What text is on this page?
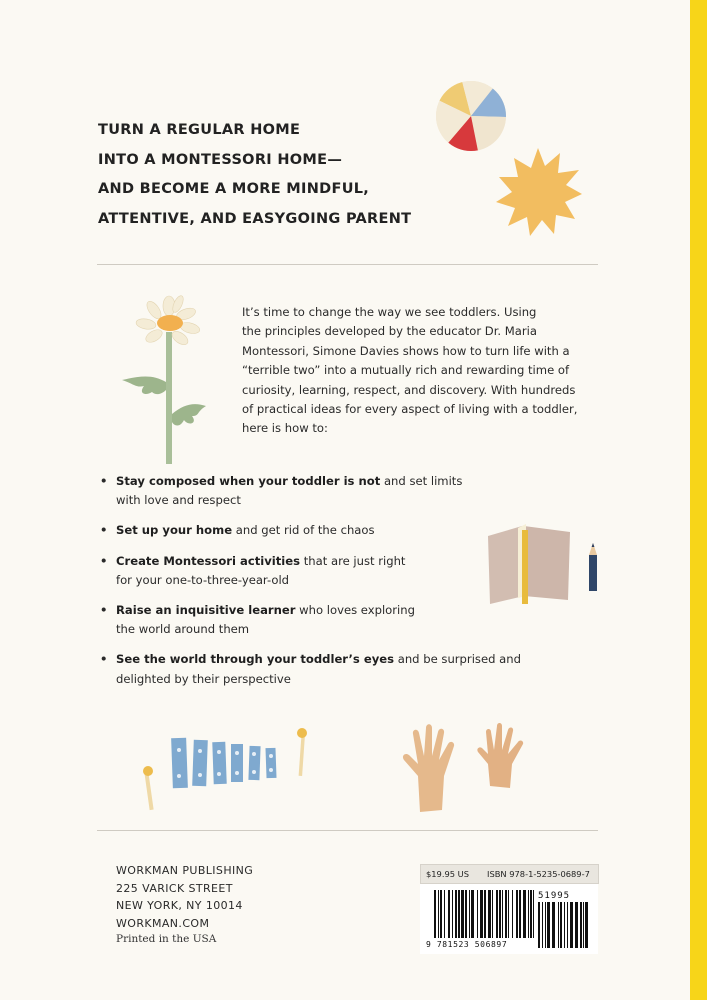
TURN A REGULAR HOME
INTO A MONTESSORI HOME—
AND BECOME A MORE MINDFUL,
ATTENTIVE, AND EASYGOING PARENT
It’s time to change the way we see toddlers. Using
the principles developed by the educator Dr. Maria
Montessori, Simone Davies shows how to turn life with a
“terrible two” into a mutually rich and rewarding time of
curiosity, learning, respect, and discovery. With hundreds
of practical ideas for every aspect of living with a toddler,
here is how to:
• Stay composed when your toddler is not and set limits
with love and respect
• Set up your home and get rid of the chaos
• Create Montessori activities that are just right
for your one-to-three-year-old
• Raise an inquisitive learner who loves exploring
the world around them
• See the world through your toddler’s eyes and be surprised and
delighted by their perspective
WORKMAN PUBLISHING
225 VARICK STREET
NEW YORK, NY 10014
WORKMAN.COM
Printed in the USA
$19.95 US ISBN 978-1-5235-0689-7
51995
9 781523 506897
